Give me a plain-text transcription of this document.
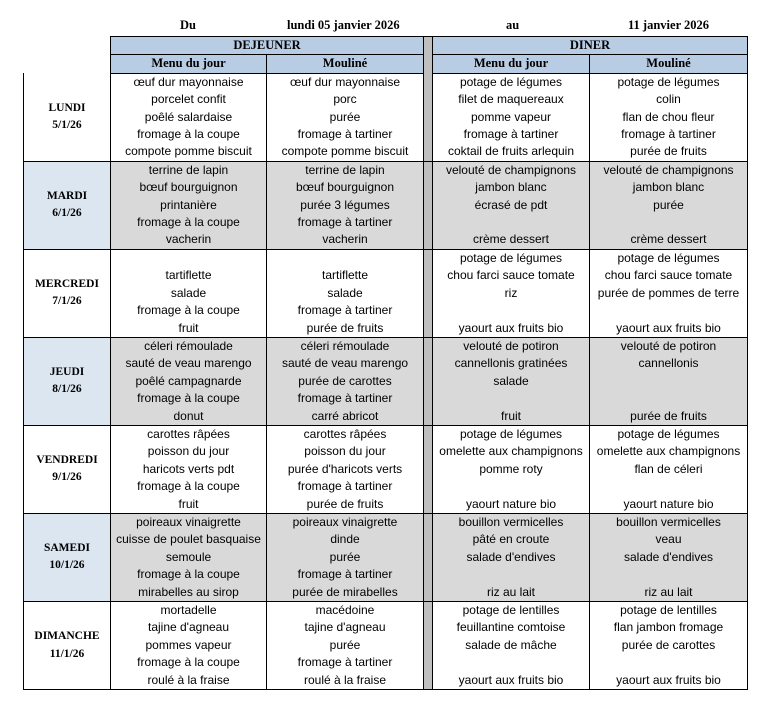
Du	lundi 05 janvier 2026	au	11 janvier 2026
	DEJEUNER			DINER	
	Menu du jour	Mouliné		Menu du jour	Mouliné

LUNDI
5/1/26	œuf dur mayonnaise	œuf dur mayonnaise		potage de légumes	potage de légumes
	porcelet confit	porc		filet de maquereaux	colin
	poêlé salardaise	purée		pomme vapeur	flan de chou fleur
	fromage à la coupe	fromage à tartiner		fromage à tartiner	fromage à tartiner
	compote pomme biscuit	compote pomme biscuit		coktail de fruits arlequin	purée de fruits

MARDI
6/1/26	terrine de lapin	terrine de lapin		velouté de champignons	velouté de champignons
	bœuf bourguignon	bœuf bourguignon		jambon blanc	jambon blanc
	printanière	purée 3 légumes		écrasé de pdt	purée
	fromage à la coupe	fromage à tartiner			
	vacherin	vacherin		crème dessert	crème dessert

MERCREDI
7/1/26				potage de légumes	potage de légumes
	tartiflette	tartiflette		chou farci sauce tomate	chou farci sauce tomate
	salade	salade		riz	purée de pommes de terre
	fromage à la coupe	fromage à tartiner			
	fruit	purée de fruits		yaourt aux fruits bio	yaourt aux fruits bio

JEUDI
8/1/26	céleri rémoulade	céleri rémoulade		velouté de potiron	velouté de potiron
	sauté de veau marengo	sauté de veau marengo		cannellonis gratinées	cannellonis
	poêlé campagnarde	purée de carottes		salade	
	fromage à la coupe	fromage à tartiner			
	donut	carré abricot		fruit	purée de fruits

VENDREDI
9/1/26	carottes râpées	carottes râpées		potage de légumes	potage de légumes
	poisson du jour	poisson du jour		omelette aux champignons	omelette aux champignons
	haricots verts pdt	purée d'haricots verts		pomme roty	flan de céleri
	fromage à la coupe	fromage à tartiner			
	fruit	purée de fruits		yaourt nature bio	yaourt nature bio

SAMEDI
10/1/26	poireaux vinaigrette	poireaux vinaigrette		bouillon vermicelles	bouillon vermicelles
	cuisse de poulet basquaise	dinde		pâté en croute	veau
	semoule	purée		salade d'endives	salade d'endives
	fromage à la coupe	fromage à tartiner			
	mirabelles au sirop	purée de mirabelles		riz au lait	riz au lait

DIMANCHE
11/1/26	mortadelle	macédoine		potage de lentilles	potage de lentilles
	tajine d'agneau	tajine d'agneau		feuillantine comtoise	flan jambon fromage
	pommes vapeur	purée		salade de mâche	purée de carottes
	fromage à la coupe	fromage à tartiner			
	roulé à la fraise	roulé à la fraise		yaourt aux fruits bio	yaourt aux fruits bio
